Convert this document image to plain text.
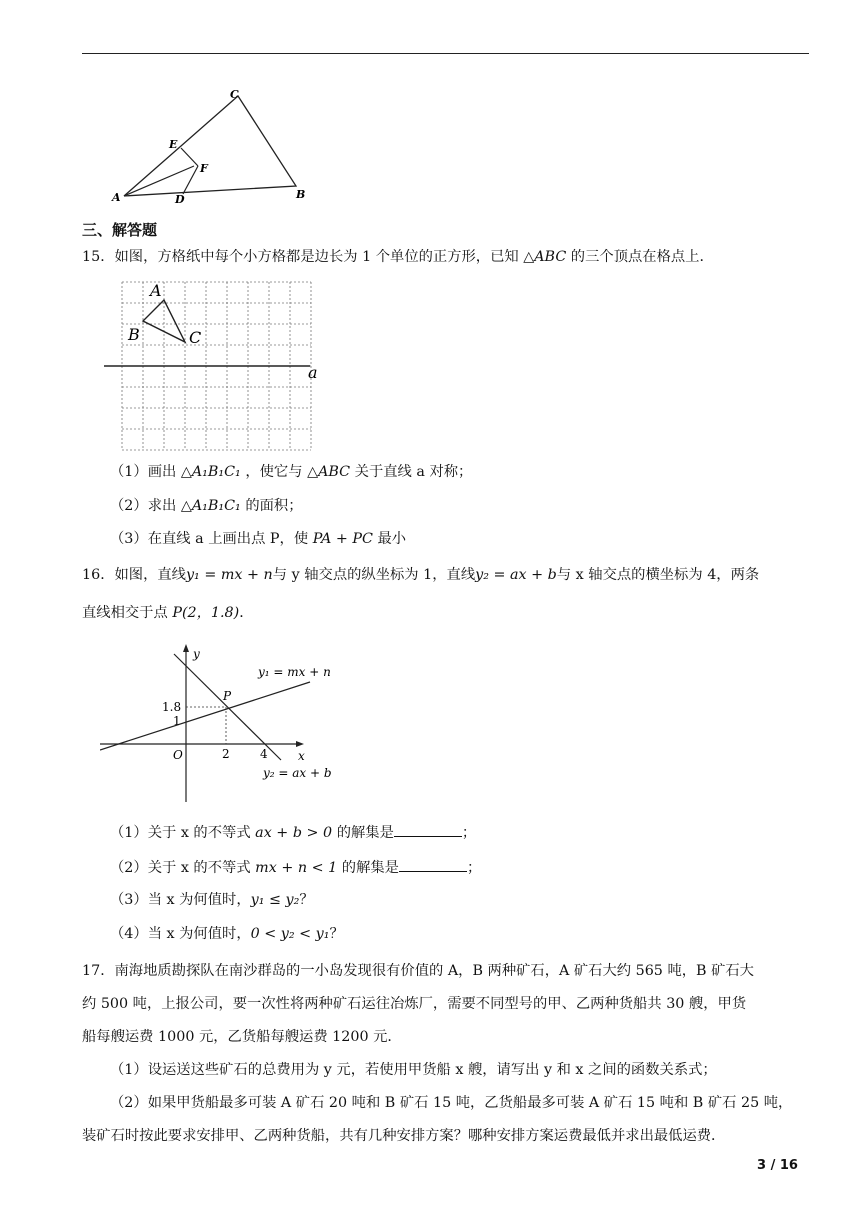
C
E
F
A	D	B
三、解答题
15．如图，方格纸中每个小方格都是边长为 1 个单位的正方形，已知 △ABC 的三个顶点在格点上．
A
B	C
a
（1）画出 △A₁B₁C₁ ，使它与 △ABC 关于直线 a 对称；
（2）求出 △A₁B₁C₁ 的面积；
（3）在直线 a 上画出点 P，使 PA + PC 最小
16．如图，直线y₁ = mx + n与 y 轴交点的纵坐标为 1，直线y₂ = ax + b与 x 轴交点的横坐标为 4，两条
直线相交于点 P(2，1.8)．
y
x
O
P
1.8
1
2	4
y₁ = mx + n
y₂ = ax + b
（1）关于 x 的不等式 ax + b > 0 的解集是	；
（2）关于 x 的不等式 mx + n < 1 的解集是	；
（3）当 x 为何值时，y₁ ≤ y₂？
（4）当 x 为何值时，0 < y₂ < y₁？
17．南海地质勘探队在南沙群岛的一小岛发现很有价值的 A，B 两种矿石，A 矿石大约 565 吨，B 矿石大
约 500 吨，上报公司，要一次性将两种矿石运往冶炼厂，需要不同型号的甲、乙两种货船共 30 艘，甲货
船每艘运费 1000 元，乙货船每艘运费 1200 元．
（1）设运送这些矿石的总费用为 y 元，若使用甲货船 x 艘，请写出 y 和 x 之间的函数关系式；
（2）如果甲货船最多可装 A 矿石 20 吨和 B 矿石 15 吨，乙货船最多可装 A 矿石 15 吨和 B 矿石 25 吨，
装矿石时按此要求安排甲、乙两种货船，共有几种安排方案？哪种安排方案运费最低并求出最低运费．
3 / 16
